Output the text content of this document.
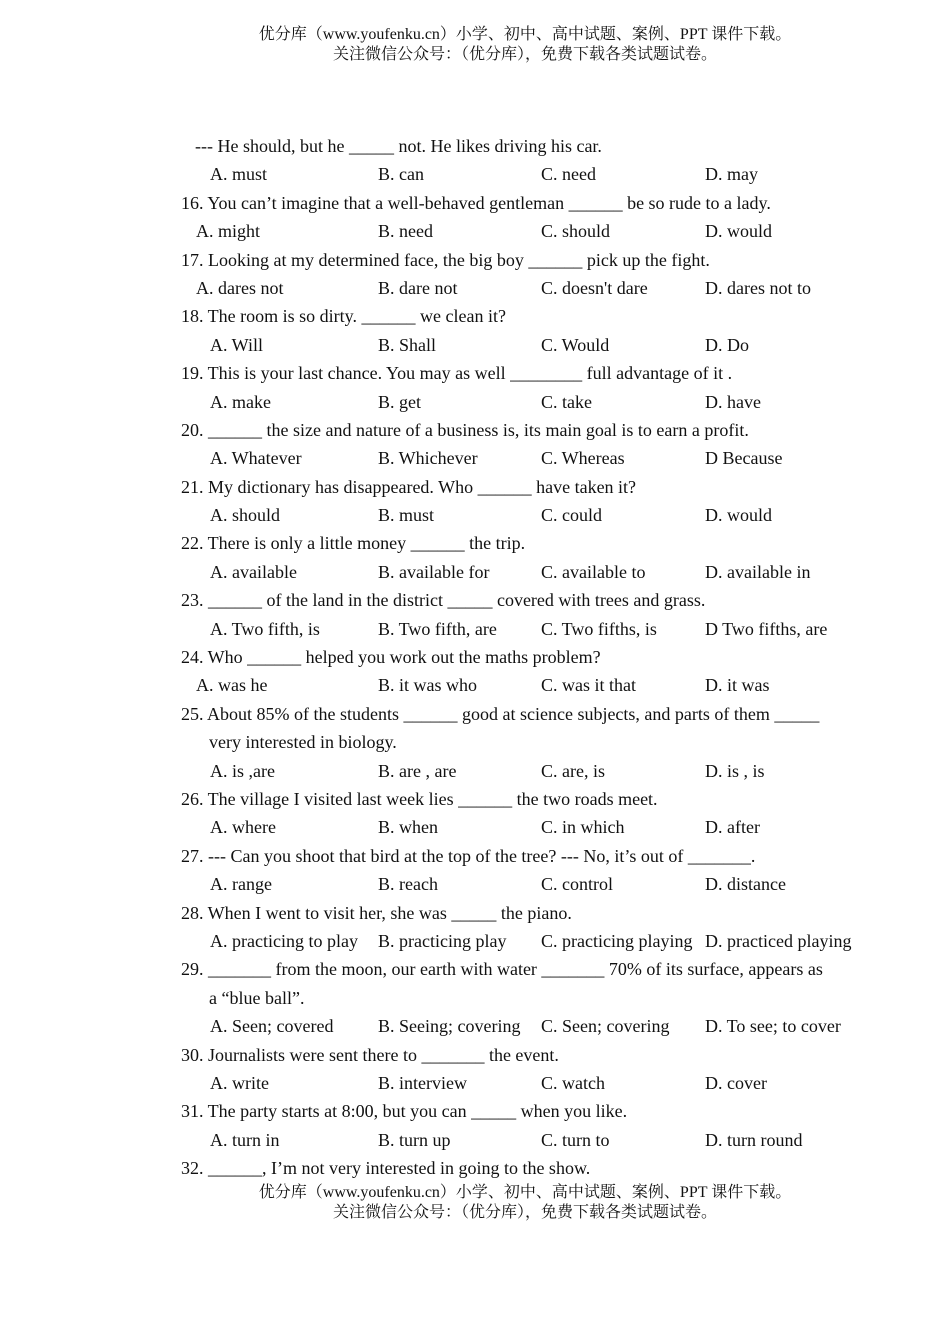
优分库（www.youfenku.cn）小学、初中、高中试题、案例、PPT 课件下载。
关注微信公众号：（优分库），免费下载各类试题试卷。
--- He should, but he _____ not. He likes driving his car.
A. must	B. can	C. need	D. may
16. You can’t imagine that a well-behaved gentleman ______ be so rude to a lady.
A. might	B. need	C. should	D. would
17. Looking at my determined face, the big boy ______ pick up the fight.
A. dares not	B. dare not	C. doesn't dare	D. dares not to
18. The room is so dirty. ______ we clean it?
A. Will	B. Shall	C. Would	D. Do
19. This is your last chance. You may as well ________ full advantage of it .
A. make	B. get	C. take	D. have
20. ______ the size and nature of a business is, its main goal is to earn a profit.
A. Whatever	B. Whichever	C. Whereas	D Because
21. My dictionary has disappeared. Who ______ have taken it?
A. should	B. must	C. could	D. would
22. There is only a little money ______ the trip.
A. available	B. available for	C. available to	D. available in
23. ______ of the land in the district _____ covered with trees and grass.
A. Two fifth, is	B. Two fifth, are C. Two fifths, is	D Two fifths, are
24. Who ______ helped you work out the maths problem?
A. was he	B. it was who	C. was it that	D. it was
25. About 85% of the students ______ good at science subjects, and parts of them _____
very interested in biology.
A. is ,are	B. are , are	C. are, is	D. is , is
26. The village I visited last week lies ______ the two roads meet.
A. where	B. when	C. in which	D. after
27. --- Can you shoot that bird at the top of the tree? --- No, it’s out of _______.
A. range	B. reach	C. control	D. distance
28. When I went to visit her, she was _____ the piano.
A. practicing to play B. practicing play C. practicing playing D. practiced playing
29. _______ from the moon, our earth with water _______ 70% of its surface, appears as
a “blue ball”.
A. Seen; covered B. Seeing; covering C. Seen; covering D. To see; to cover
30. Journalists were sent there to _______ the event.
A. write	B. interview	C. watch	D. cover
31. The party starts at 8:00, but you can _____ when you like.
A. turn in	B. turn up	C. turn to	D. turn round
32. ______, I’m not very interested in going to the show.
优分库（www.youfenku.cn）小学、初中、高中试题、案例、PPT 课件下载。
关注微信公众号：（优分库），免费下载各类试题试卷。
